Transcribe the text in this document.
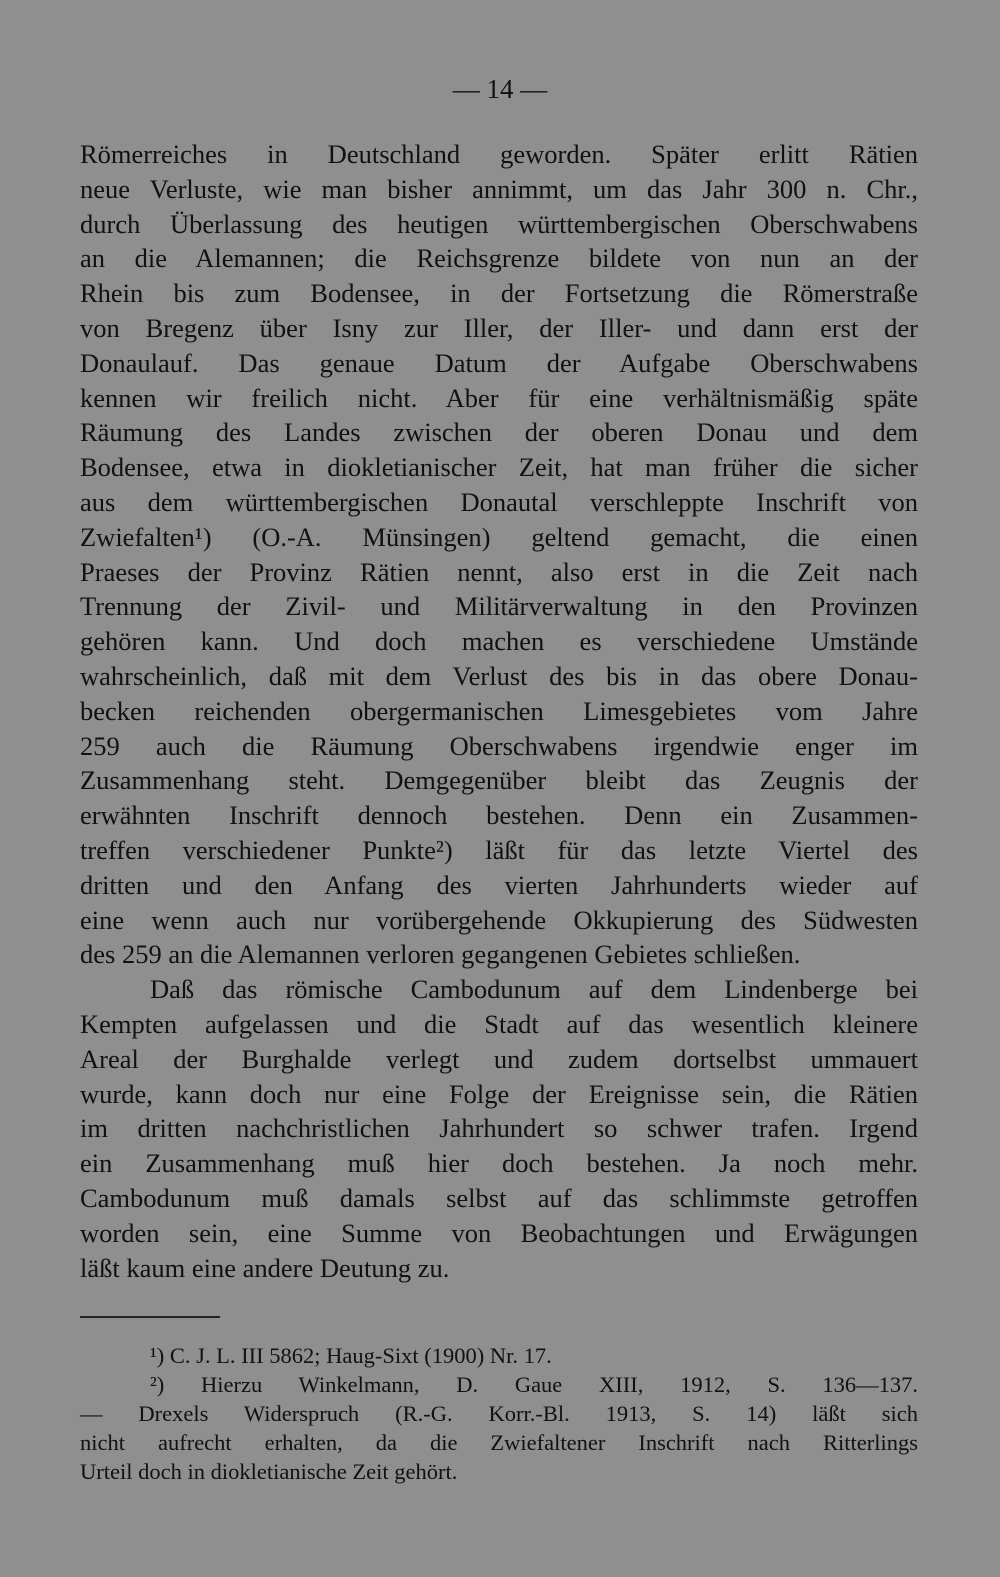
— 14 —
Römerreiches in Deutschland geworden. Später erlitt Rätien
neue Verluste, wie man bisher annimmt, um das Jahr 300 n. Chr.,
durch Überlassung des heutigen württembergischen Oberschwabens
an die Alemannen; die Reichsgrenze bildete von nun an der
Rhein bis zum Bodensee, in der Fortsetzung die Römerstraße
von Bregenz über Isny zur Iller, der Iller- und dann erst der
Donaulauf. Das genaue Datum der Aufgabe Oberschwabens
kennen wir freilich nicht. Aber für eine verhältnismäßig späte
Räumung des Landes zwischen der oberen Donau und dem
Bodensee, etwa in diokletianischer Zeit, hat man früher die sicher
aus dem württembergischen Donautal verschleppte Inschrift von
Zwiefalten¹) (O.-A. Münsingen) geltend gemacht, die einen
Praeses der Provinz Rätien nennt, also erst in die Zeit nach
Trennung der Zivil- und Militärverwaltung in den Provinzen
gehören kann. Und doch machen es verschiedene Umstände
wahrscheinlich, daß mit dem Verlust des bis in das obere Donau-
becken reichenden obergermanischen Limesgebietes vom Jahre
259 auch die Räumung Oberschwabens irgendwie enger im
Zusammenhang steht. Demgegenüber bleibt das Zeugnis der
erwähnten Inschrift dennoch bestehen. Denn ein Zusammen-
treffen verschiedener Punkte²) läßt für das letzte Viertel des
dritten und den Anfang des vierten Jahrhunderts wieder auf
eine wenn auch nur vorübergehende Okkupierung des Südwesten
des 259 an die Alemannen verloren gegangenen Gebietes schließen.
Daß das römische Cambodunum auf dem Lindenberge bei
Kempten aufgelassen und die Stadt auf das wesentlich kleinere
Areal der Burghalde verlegt und zudem dortselbst ummauert
wurde, kann doch nur eine Folge der Ereignisse sein, die Rätien
im dritten nachchristlichen Jahrhundert so schwer trafen. Irgend
ein Zusammenhang muß hier doch bestehen. Ja noch mehr.
Cambodunum muß damals selbst auf das schlimmste getroffen
worden sein, eine Summe von Beobachtungen und Erwägungen
läßt kaum eine andere Deutung zu.
¹) C. J. L. III 5862; Haug-Sixt (1900) Nr. 17.
²) Hierzu Winkelmann, D. Gaue XIII, 1912, S. 136—137.
— Drexels Widerspruch (R.-G. Korr.-Bl. 1913, S. 14) läßt sich
nicht aufrecht erhalten, da die Zwiefaltener Inschrift nach Ritterlings
Urteil doch in diokletianische Zeit gehört.
